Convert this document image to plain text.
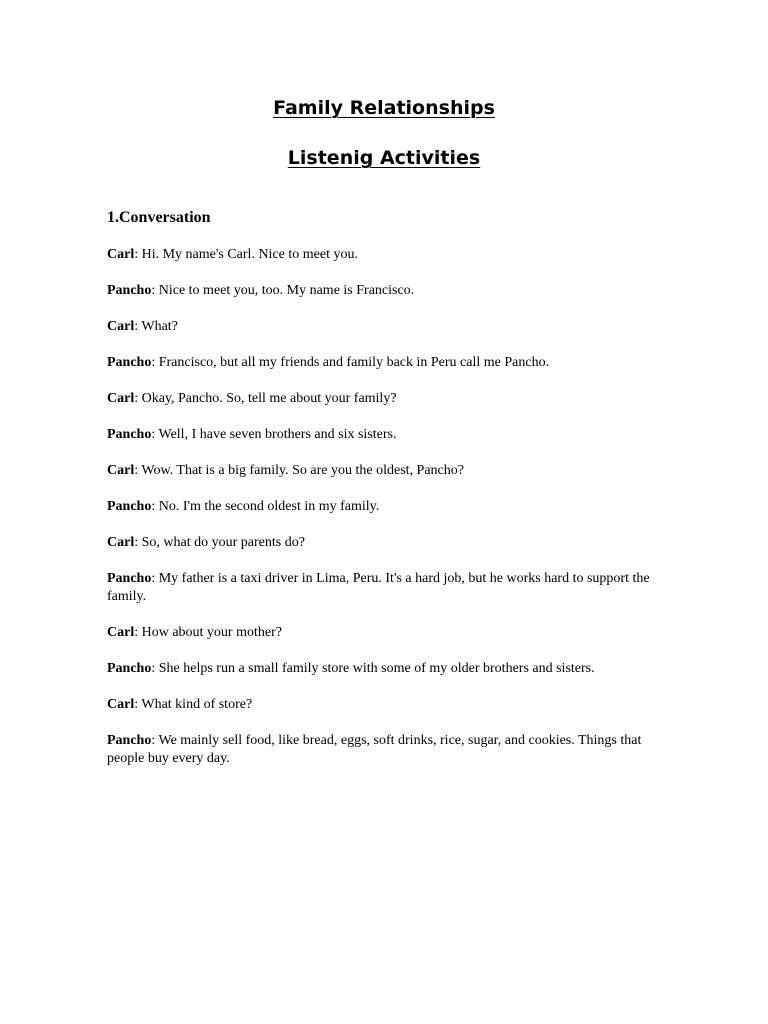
Family Relationships
Listenig Activities
1.Conversation
Carl: Hi. My name's Carl. Nice to meet you.
Pancho: Nice to meet you, too. My name is Francisco.
Carl: What?
Pancho: Francisco, but all my friends and family back in Peru call me Pancho.
Carl: Okay, Pancho. So, tell me about your family?
Pancho: Well, I have seven brothers and six sisters.
Carl: Wow. That is a big family. So are you the oldest, Pancho?
Pancho: No. I'm the second oldest in my family.
Carl: So, what do your parents do?
Pancho: My father is a taxi driver in Lima, Peru. It's a hard job, but he works hard to support the family.
Carl: How about your mother?
Pancho: She helps run a small family store with some of my older brothers and sisters.
Carl: What kind of store?
Pancho: We mainly sell food, like bread, eggs, soft drinks, rice, sugar, and cookies. Things that people buy every day.
